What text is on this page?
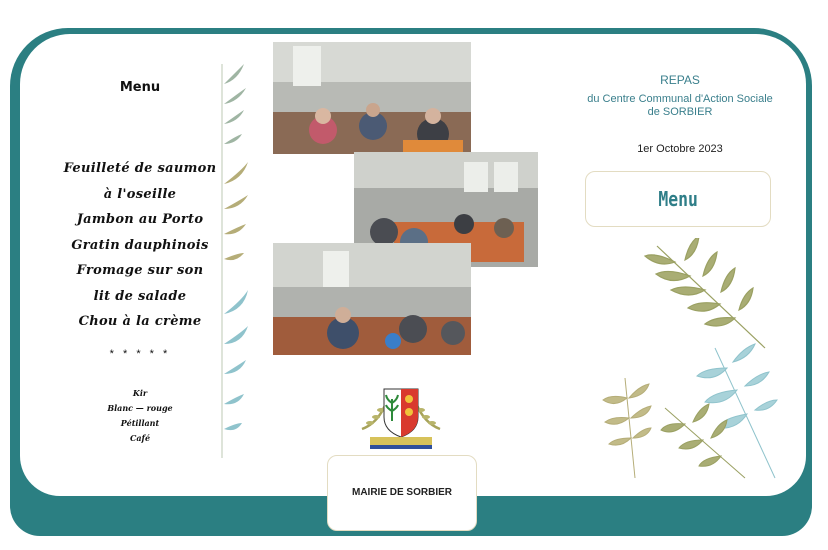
Menu
Feuilleté de saumon
à l'oseille
Jambon au Porto
Gratin dauphinois
Fromage sur son
lit de salade
Chou à la crème
* * * * *
Kir
Blanc — rouge
Pétillant
Café
REPAS
du Centre Communal d'Action Sociale
de SORBIER
1er Octobre 2023
Menu
MAIRIE DE SORBIER
